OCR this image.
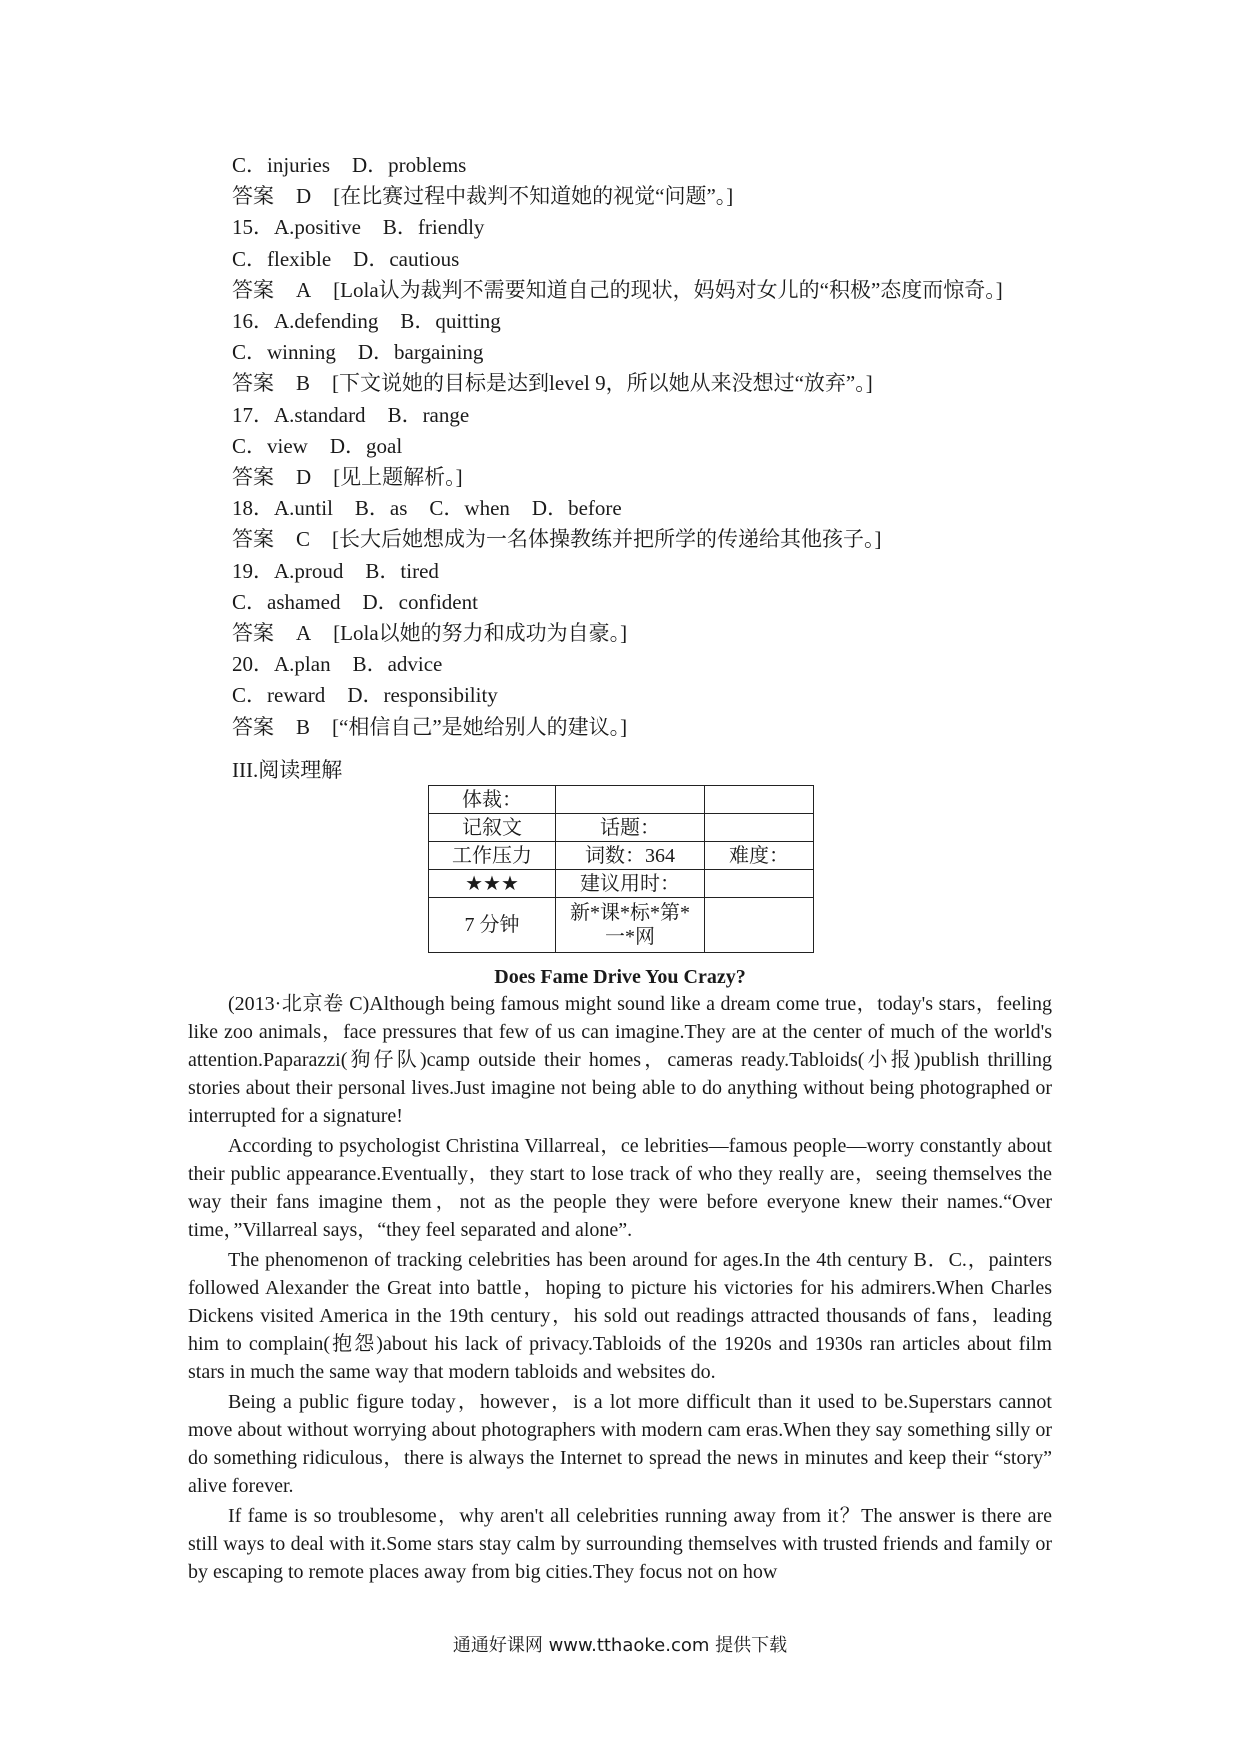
C．injuries D．problems
答案 D [在比赛过程中裁判不知道她的视觉“问题”。]
15．A.positive B．friendly
C．flexible D．cautious
答案 A [Lola认为裁判不需要知道自己的现状，妈妈对女儿的“积极”态度而惊奇。]
16．A.defending B．quitting
C．winning D．bargaining
答案 B [下文说她的目标是达到level 9，所以她从来没想过“放弃”。]
17．A.standard B．range
C．view D．goal
答案 D [见上题解析。]
18．A.until B．as C．when D．before
答案 C [长大后她想成为一名体操教练并把所学的传递给其他孩子。]
19．A.proud B．tired
C．ashamed D．confident
答案 A [Lola以她的努力和成功为自豪。]
20．A.plan B．advice
C．reward D．responsibility
答案 B [“相信自己”是她给别人的建议。]
III.阅读理解
体裁：		
记叙文	话题：	
工作压力	词数：364	难度：
★★★	建议用时：	
7 分钟	新*课*标*第*一*网	
Does Fame Drive You Crazy?

(2013·北京卷 C)Although being famous might sound like a dream come true，today's stars，feeling like zoo animals，face pressures that few of us can imagine.They are at the center of much of the world's attention.Paparazzi(狗仔队)camp outside their homes，cameras ready.Tabloids(小报)publish thrilling stories about their personal lives.Just imagine not being able to do anything without being photographed or interrupted for a signature!

According to psychologist Christina Villarreal，ce lebrities—famous people—worry constantly about their public appearance.Eventually，they start to lose track of who they really are，seeing themselves the way their fans imagine them，not as the people they were before everyone knew their names.“Over time，”Villarreal says，“they feel separated and alone”.

The phenomenon of tracking celebrities has been around for ages.In the 4th century B．C.，painters followed Alexander the Great into battle，hoping to picture his victories for his admirers.When Charles Dickens visited America in the 19th century，his sold out readings attracted thousands of fans，leading him to complain(抱怨)about his lack of privacy.Tabloids of the 1920s and 1930s ran articles about film stars in much the same way that modern tabloids and websites do.

Being a public figure today，however，is a lot more difficult than it used to be.Superstars cannot move about without worrying about photographers with modern cam eras.When they say something silly or do something ridiculous，there is always the Internet to spread the news in minutes and keep their “story” alive forever.

If fame is so troublesome，why aren't all celebrities running away from it？The answer is there are still ways to deal with it.Some stars stay calm by surrounding themselves with trusted friends and family or by escaping to remote places away from big cities.They focus not on how

通通好课网 www.tthaoke.com 提供下载
